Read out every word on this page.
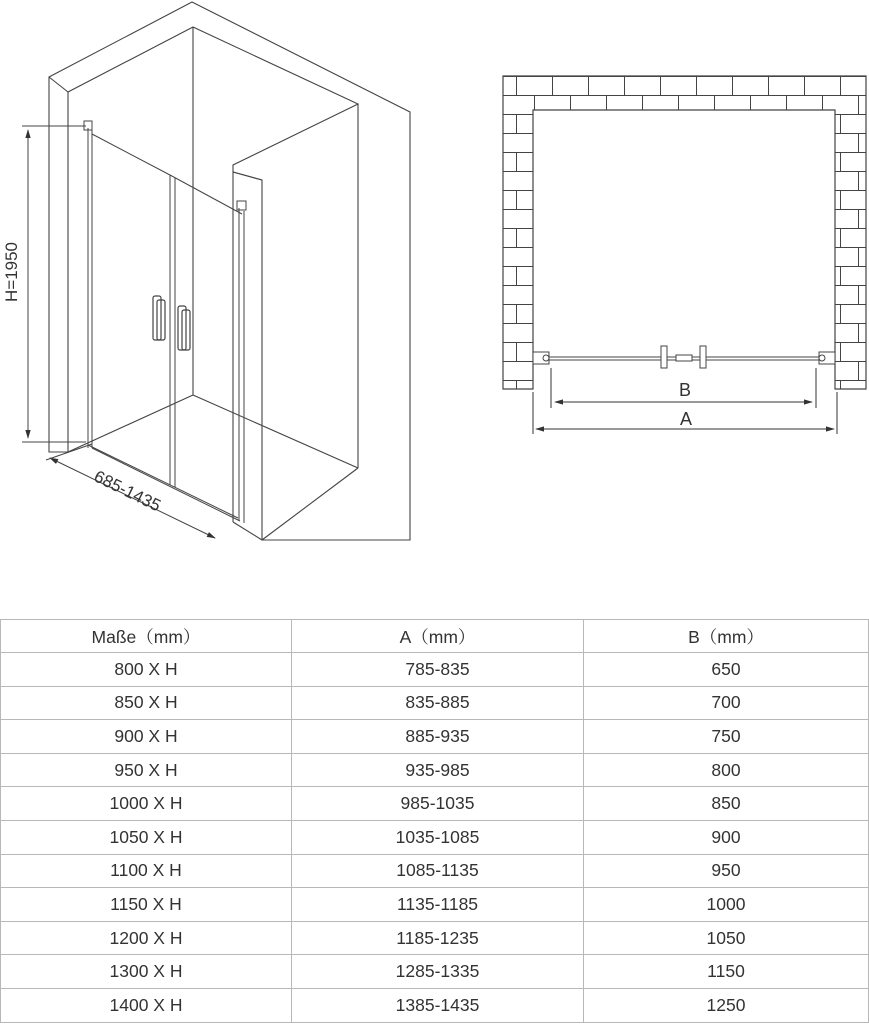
H=1950
685-1435
B
A
Maße（mm）	A（mm）	B（mm）
800 X H	785-835	650
850 X H	835-885	700
900 X H	885-935	750
950 X H	935-985	800
1000 X H	985-1035	850
1050 X H	1035-1085	900
1100 X H	1085-1135	950
1150 X H	1135-1185	1000
1200 X H	1185-1235	1050
1300 X H	1285-1335	1150
1400 X H	1385-1435	1250
